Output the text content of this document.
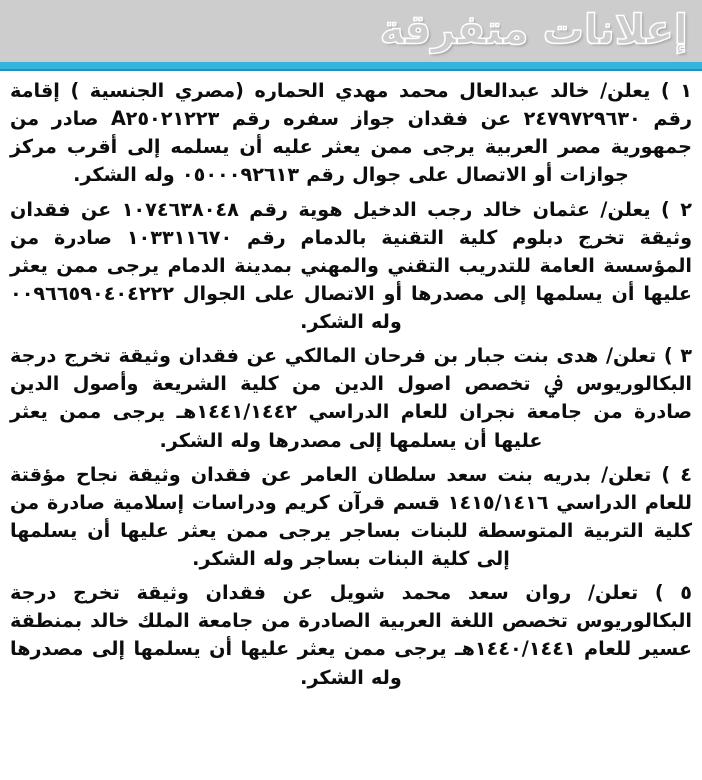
إعلانات متفرقة

١ ) يعلن/ خالد عبدالعال محمد مهدي الحماره (مصري الجنسية ) إقامة رقم ٢٤٧٩٧٢٩٦٣٠ عن فقدان جواز سفره رقم A٢٥٠٢١٢٢٣ صادر من جمهورية مصر العربية يرجى ممن يعثر عليه أن يسلمه إلى أقرب مركز جوازات أو الاتصال على جوال رقم ٠٥٠٠٠٩٢٦١٣ وله الشكر.

٢ ) يعلن/ عثمان خالد رجب الدخيل هوية رقم ١٠٧٤٦٣٨٠٤٨ عن فقدان وثيقة تخرج دبلوم كلية التقنية بالدمام رقم ١٠٣٣١١٦٧٠ صادرة من المؤسسة العامة للتدريب التقني والمهني بمدينة الدمام يرجى ممن يعثر عليها أن يسلمها إلى مصدرها أو الاتصال على الجوال ٠٠٩٦٦٥٩٠٤٠٤٢٢٢ وله الشكر.

٣ ) تعلن/ هدى بنت جبار بن فرحان المالكي عن فقدان وثيقة تخرج درجة البكالوريوس ﰲ تخصص اصول الدين من كلية الشريعة وأصول الدين صادرة من جامعة نجران للعام الدراسي ١٤٤١/١٤٤٢هـ يرجى ممن يعثر عليها أن يسلمها إلى مصدرها وله الشكر.

٤ ) تعلن/ بدريه بنت سعد سلطان العامر عن فقدان وثيقة نجاح مؤقتة للعام الدراسي ١٤١٥/١٤١٦ قسم قرآن كريم ودراسات إسلامية صادرة من كلية التربية المتوسطة للبنات بساجر يرجى ممن يعثر عليها أن يسلمها إلى كلية البنات بساجر وله الشكر.

٥ ) تعلن/ روان سعد محمد شويل عن فقدان وثيقة تخرج درجة البكالوريوس تخصص اللغة العربية الصادرة من جامعة الملك خالد بمنطقة عسير للعام ١٤٤٠/١٤٤١هـ يرجى ممن يعثر عليها أن يسلمها إلى مصدرها وله الشكر.
